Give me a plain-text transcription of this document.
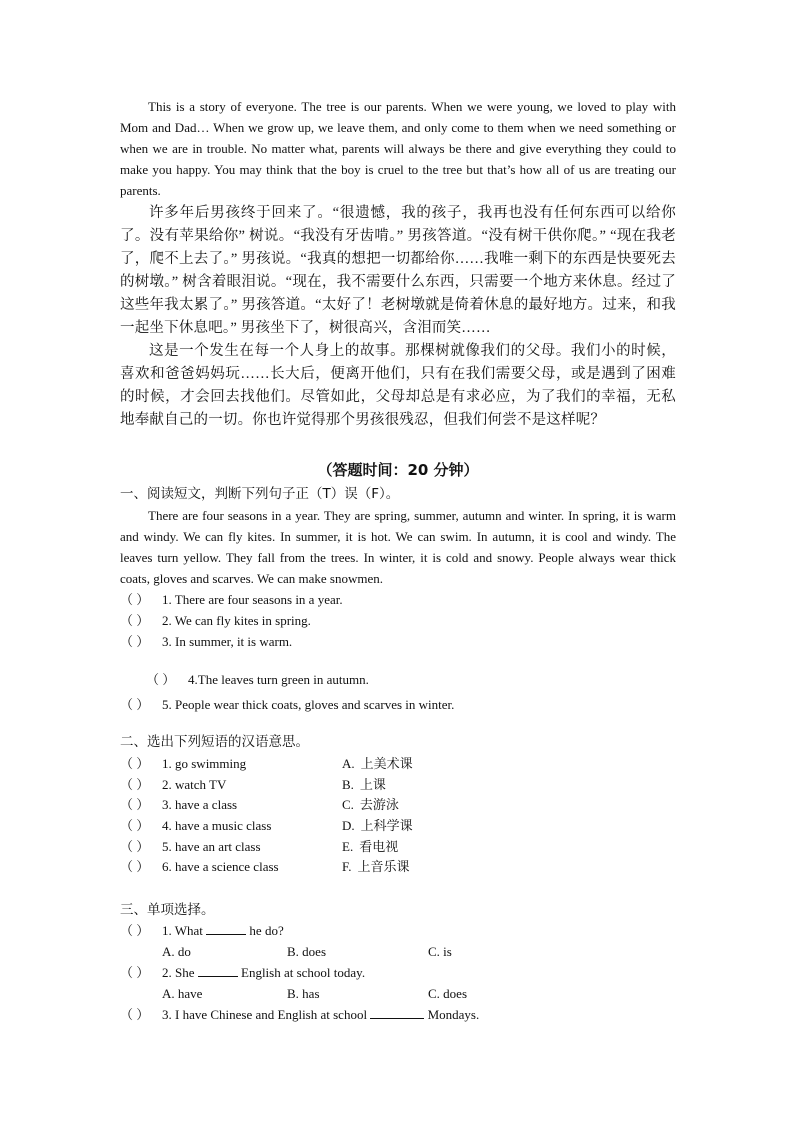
This is a story of everyone. The tree is our parents. When we were young, we loved to play with Mom and Dad… When we grow up, we leave them, and only come to them when we need something or when we are in trouble. No matter what, parents will always be there and give everything they could to make you happy. You may think that the boy is cruel to the tree but that’s how all of us are treating our parents.

许多年后男孩终于回来了。“很遗憾，我的孩子，我再也没有任何东西可以给你了。没有苹果给你” 树说。“我没有牙齿啃。” 男孩答道。“没有树干供你爬。” “现在我老了，爬不上去了。” 男孩说。“我真的想把一切都给你……我唯一剩下的东西是快要死去的树墩。” 树含着眼泪说。“现在，我不需要什么东西，只需要一个地方来休息。经过了这些年我太累了。” 男孩答道。“太好了！老树墩就是倚着休息的最好地方。过来，和我一起坐下休息吧。” 男孩坐下了，树很高兴，含泪而笑……

这是一个发生在每一个人身上的故事。那棵树就像我们的父母。我们小的时候，喜欢和爸爸妈妈玩……长大后，便离开他们，只有在我们需要父母，或是遇到了困难的时候，才会回去找他们。尽管如此，父母却总是有求必应，为了我们的幸福，无私地奉献自己的一切。你也许觉得那个男孩很残忍，但我们何尝不是这样呢？

（答题时间：20 分钟）
一、阅读短文，判断下列句子正（T）误（F）。

There are four seasons in a year. They are spring, summer, autumn and winter. In spring, it is warm and windy. We can fly kites. In summer, it is hot. We can swim. In autumn, it is cool and windy. The leaves turn yellow. They fall from the trees. In winter, it is cold and snowy. People always wear thick coats, gloves and scarves. We can make snowmen.

（ ） 1. There are four seasons in a year.
（ ） 2. We can fly kites in spring.
（ ） 3. In summer, it is warm.
（ ） 4.The leaves turn green in autumn.
（ ） 5. People wear thick coats, gloves and scarves in winter.
二、选出下列短语的汉语意思。
（ ） 1. go swimming	A. 上美术课
（ ） 2. watch TV	B. 上课
（ ） 3. have a class	C. 去游泳
（ ） 4. have a music class	D. 上科学课
（ ） 5. have an art class	E. 看电视
（ ） 6. have a science class	F. 上音乐课
三、单项选择。
（ ） 1. What	he do?
A. do	B. does	C. is
（ ） 2. She	English at school today.
A. have	B. has	C. does
（ ） 3. I have Chinese and English at school	Mondays.
